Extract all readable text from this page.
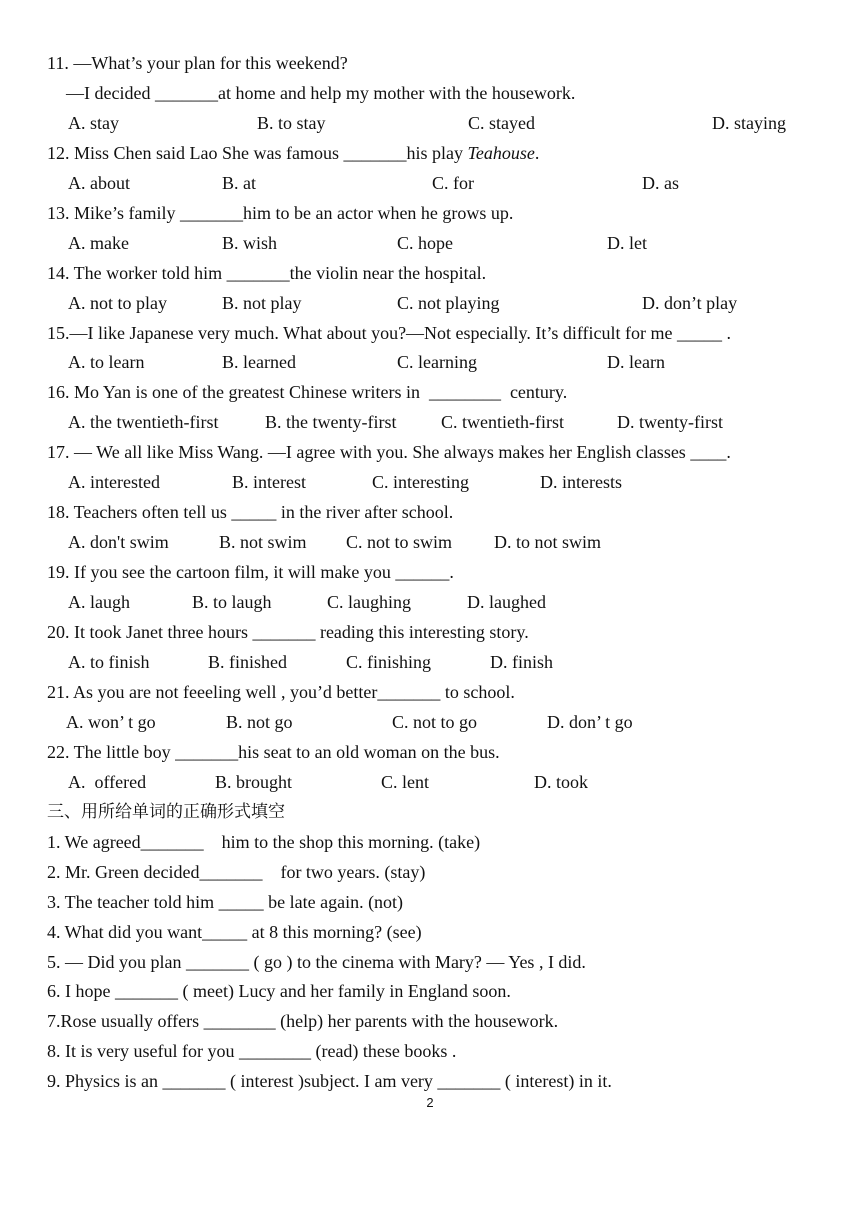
11. —What’s your plan for this weekend?
—I decided _______at home and help my mother with the housework.
A. stay	B. to stay	C. stayed	D. staying
12. Miss Chen said Lao She was famous _______his play Teahouse.
A. about	B. at	C. for	D. as
13. Mike’s family _______him to be an actor when he grows up.
A. make	B. wish	C. hope	D. let
14. The worker told him _______the violin near the hospital.
A. not to play	B. not play	C. not playing	D. don’t play
15.—I like Japanese very much. What about you?—Not especially. It’s difficult for me _____ .
A. to learn	B. learned	C. learning	D. learn
16. Mo Yan is one of the greatest Chinese writers in  ________  century.
A. the twentieth-first	B. the twenty-first C. twentieth-first	D. twenty-first
17. — We all like Miss Wang. —I agree with you. She always makes her English classes ____.
A. interested	B. interest	C. interesting	D. interests
18. Teachers often tell us _____ in the river after school.
A. don't swim	B. not swim C. not to swim D. to not swim
19. If you see the cartoon film, it will make you ______.
A. laugh	B. to laugh	C. laughing	D. laughed
20. It took Janet three hours _______ reading this interesting story.
A. to finish	B. finished	C. finishing	D. finish
21. As you are not feeeling well , you’d better_______ to school.
A. won’ t go	B. not go	C. not to go	D. don’ t go
22. The little boy _______his seat to an old woman on the bus.
A.  offered	B. brought	C. lent	D. took
三、用所给单词的正确形式填空
1. We agreed_______    him to the shop this morning. (take)
2. Mr. Green decided_______    for two years. (stay)
3. The teacher told him _____ be late again. (not)
4. What did you want_____ at 8 this morning? (see)
5. — Did you plan _______ ( go ) to the cinema with Mary? — Yes , I did.
6. I hope _______ ( meet) Lucy and her family in England soon.
7.Rose usually offers ________ (help) her parents with the housework.
8. It is very useful for you ________ (read) these books .
9. Physics is an _______ ( interest )subject. I am very _______ ( interest) in it.
2
